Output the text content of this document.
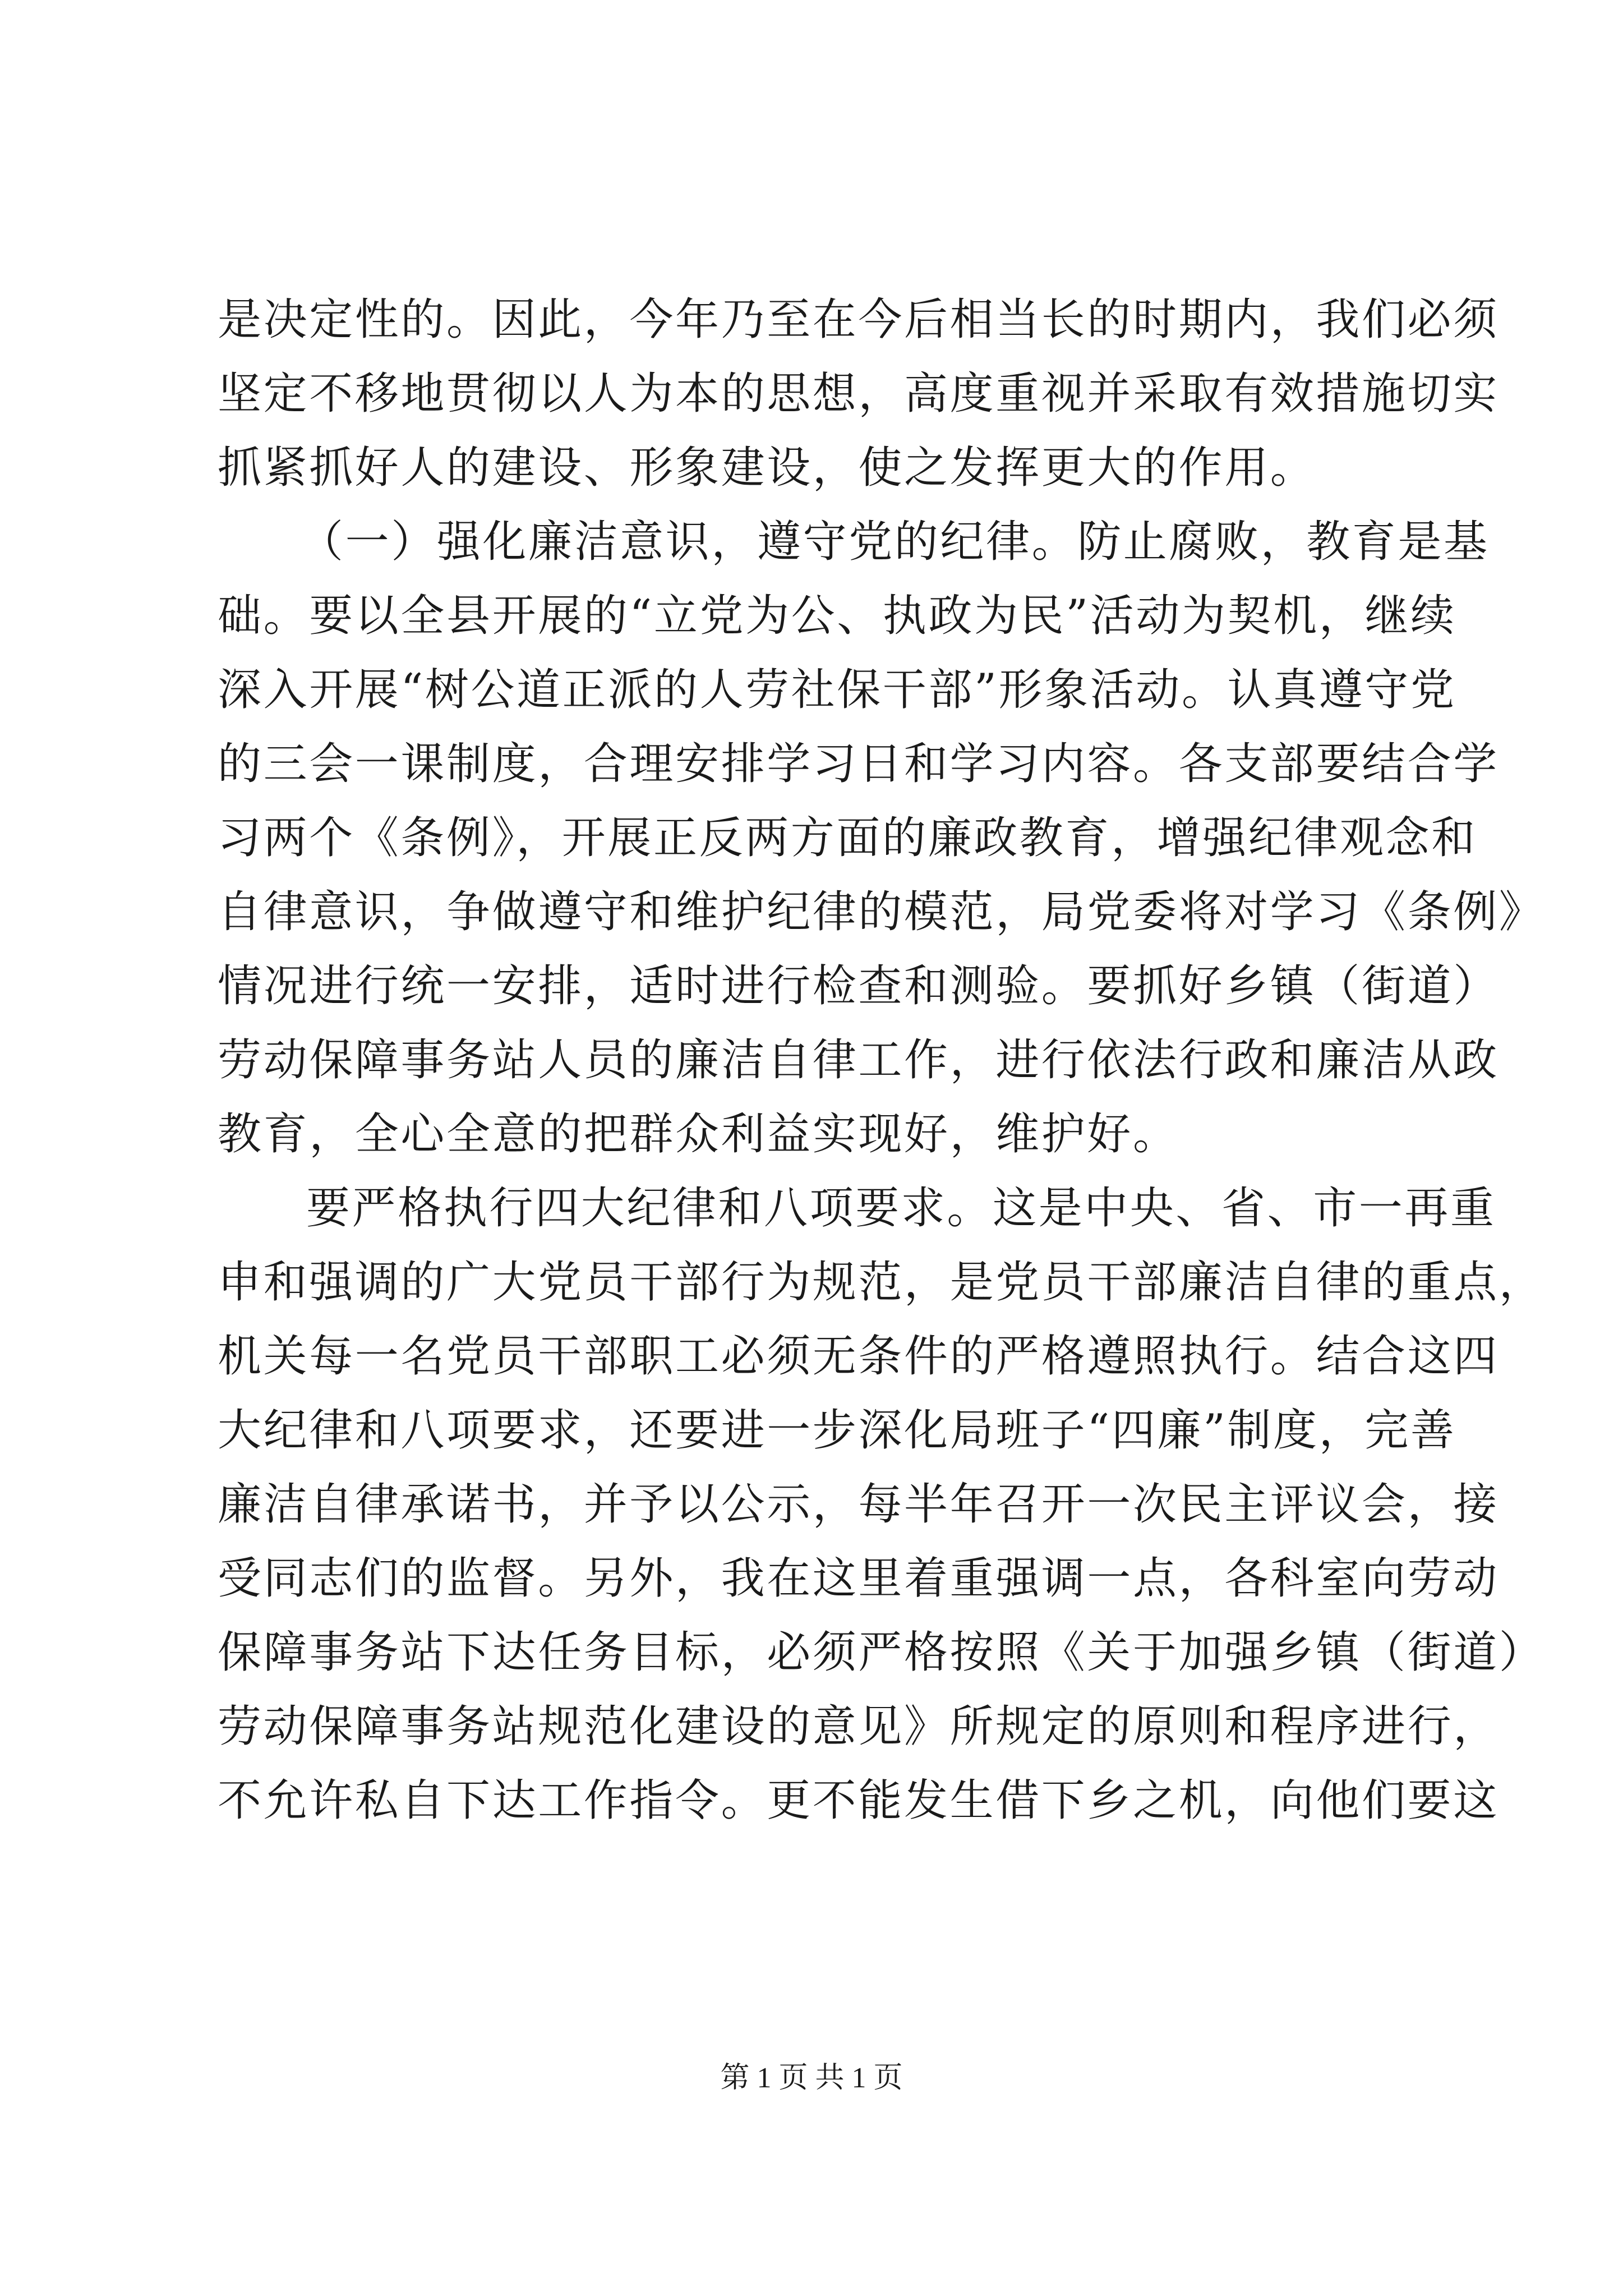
是决定性的。因此，今年乃至在今后相当长的时期内，我们必须
坚定不移地贯彻以人为本的思想，高度重视并采取有效措施切实
抓紧抓好人的建设、形象建设，使之发挥更大的作用。
（一）强化廉洁意识，遵守党的纪律。防止腐败，教育是基
础。要以全县开展的“立党为公、执政为民”活动为契机，继续
深入开展“树公道正派的人劳社保干部”形象活动。认真遵守党
的三会一课制度，合理安排学习日和学习内容。各支部要结合学
习两个《条例》，开展正反两方面的廉政教育，增强纪律观念和
自律意识，争做遵守和维护纪律的模范，局党委将对学习《条例》
情况进行统一安排，适时进行检查和测验。要抓好乡镇（街道）
劳动保障事务站人员的廉洁自律工作，进行依法行政和廉洁从政
教育，全心全意的把群众利益实现好，维护好。
要严格执行四大纪律和八项要求。这是中央、省、市一再重
申和强调的广大党员干部行为规范，是党员干部廉洁自律的重点，
机关每一名党员干部职工必须无条件的严格遵照执行。结合这四
大纪律和八项要求，还要进一步深化局班子“四廉”制度，完善
廉洁自律承诺书，并予以公示，每半年召开一次民主评议会，接
受同志们的监督。另外，我在这里着重强调一点，各科室向劳动
保障事务站下达任务目标，必须严格按照《关于加强乡镇（街道）
劳动保障事务站规范化建设的意见》所规定的原则和程序进行，
不允许私自下达工作指令。更不能发生借下乡之机，向他们要这
第 1 页 共 1 页
